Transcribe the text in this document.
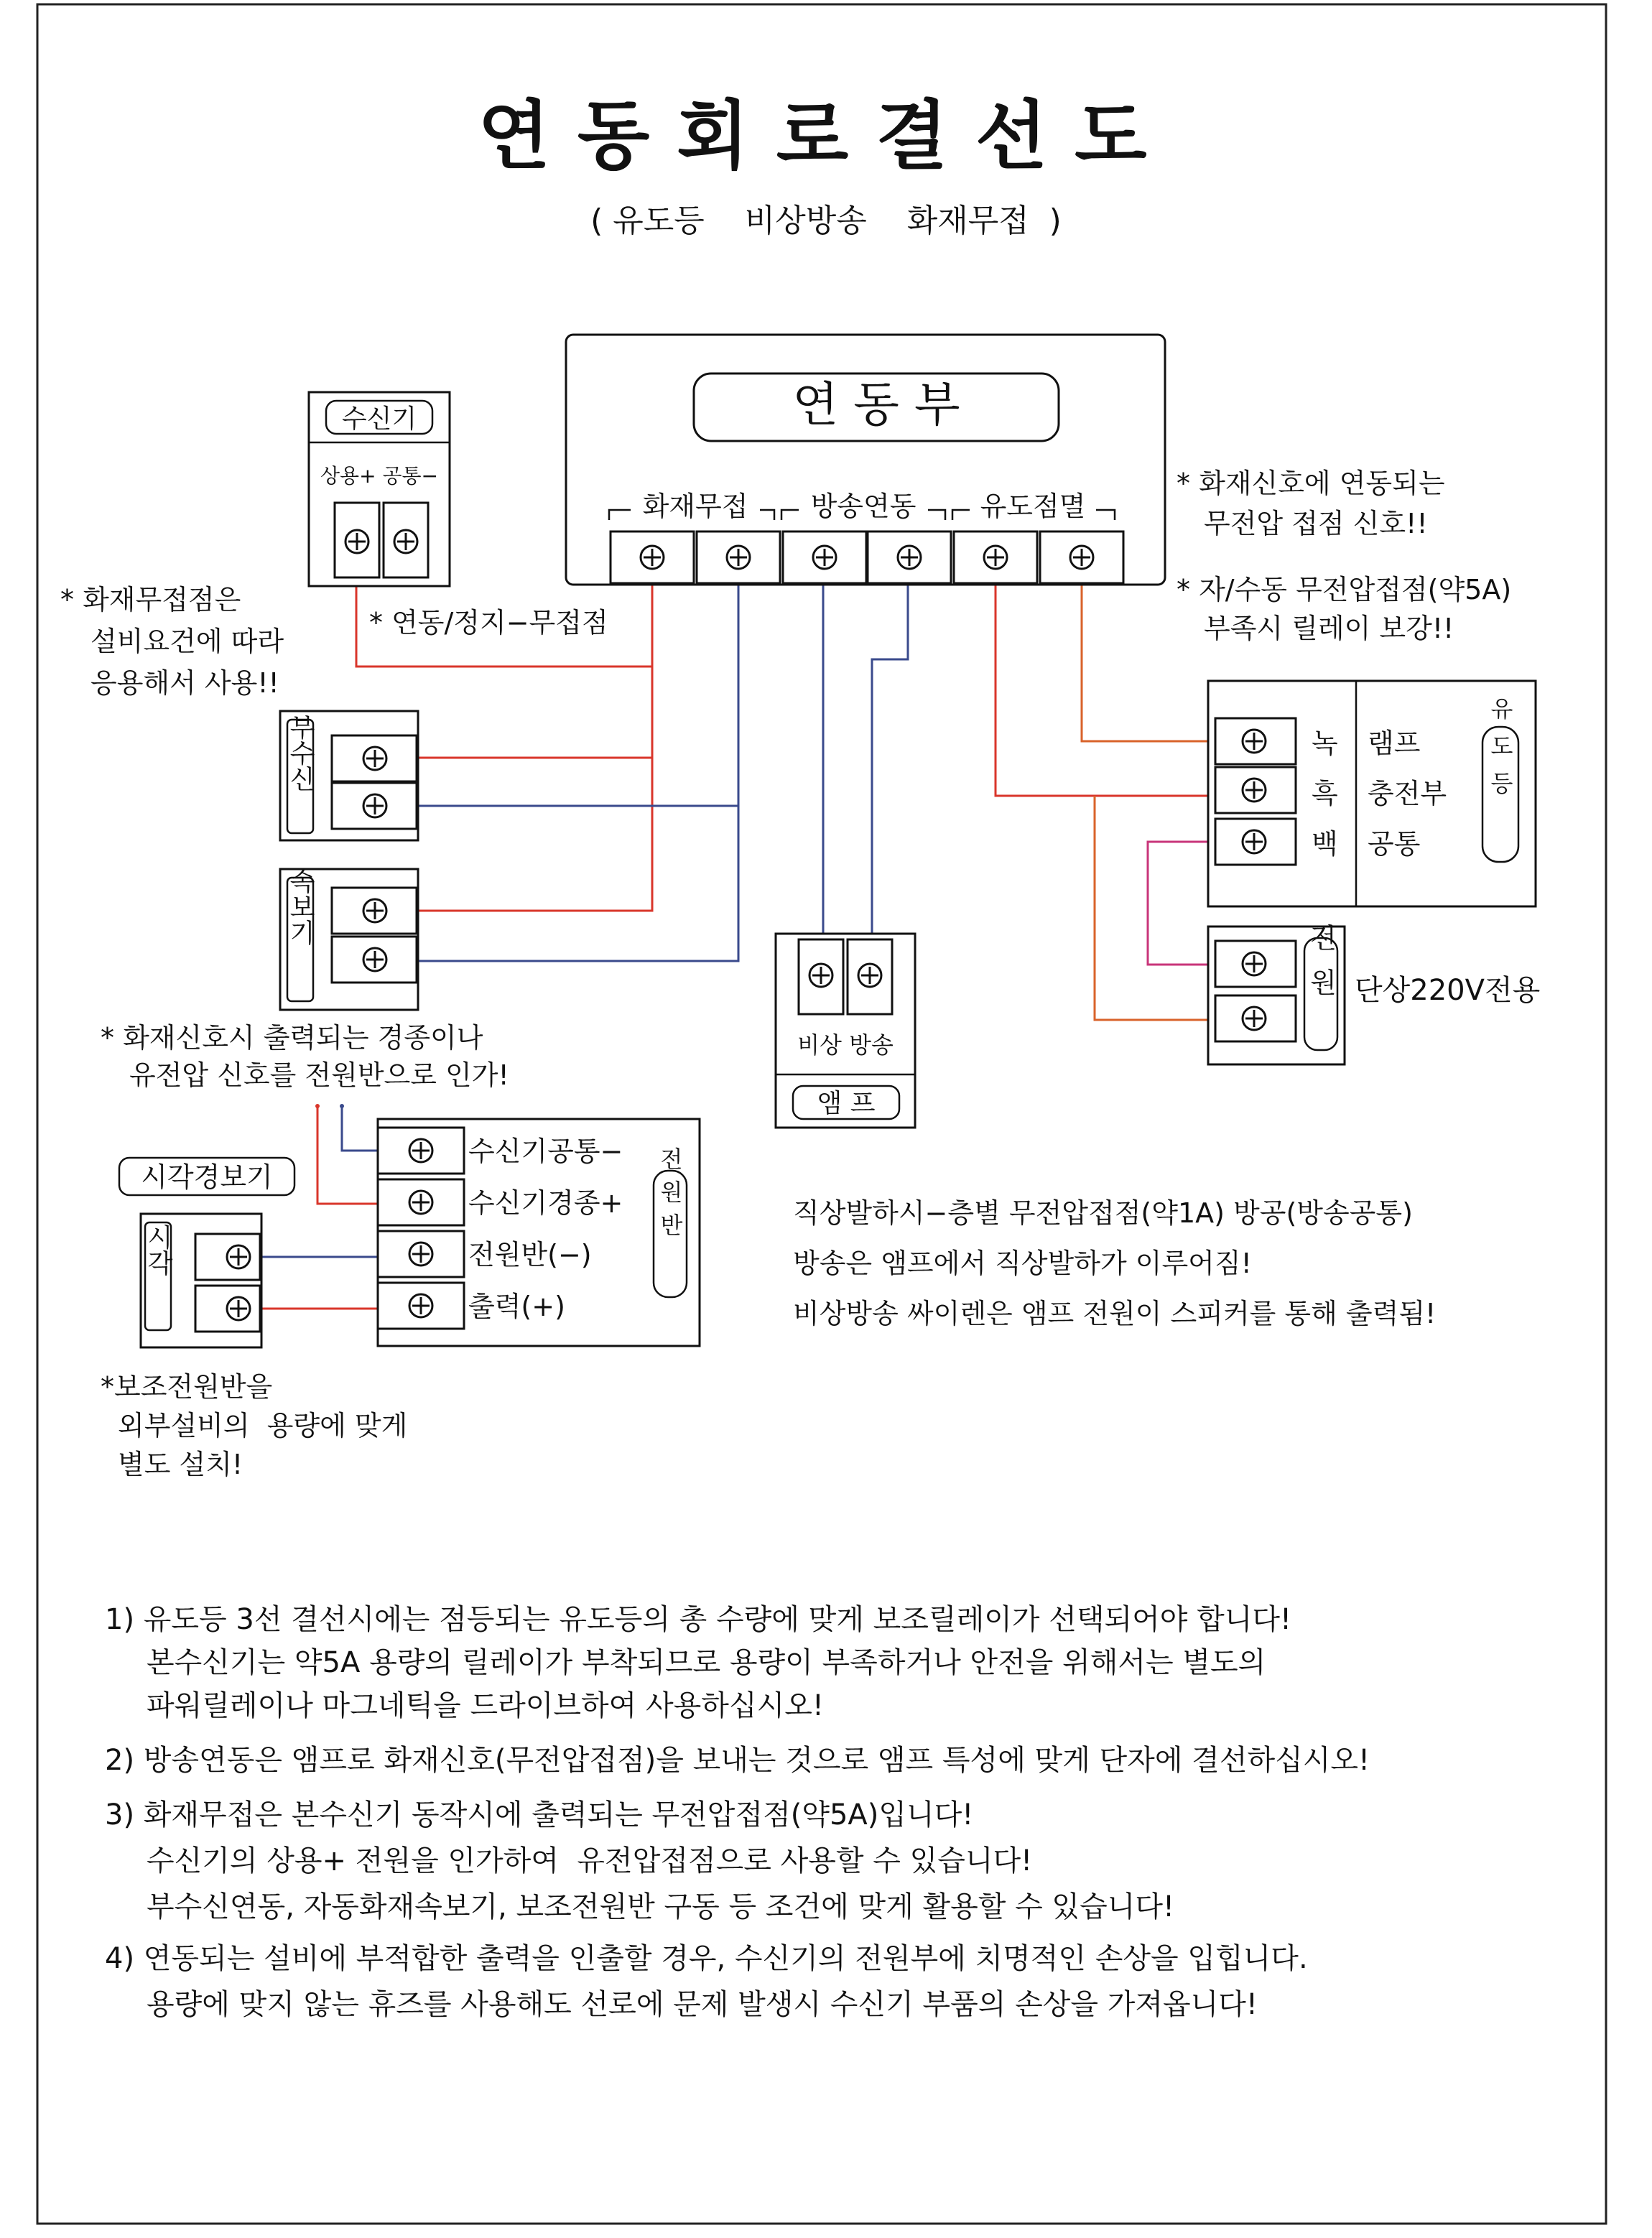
연동회로결선도
( 유도등    비상방송    화재무접  )
연 동 부
화재무접 방송연동 유도점멸
수신기
상용+ 공통−
* 화재무접점은
설비요건에 따라
응용해서 사용!!
* 연동/정지−무접점
부수신
속보기
* 화재신호시 출력되는 경종이나
유전압 신호를 전원반으로 인가!
시각경보기
시각
*보조전원반을
외부설비의  용량에 맞게
별도 설치!
수신기공통−
수신기경종+
전원반(−)
출력(+)
전원반
비상 방송
앰 프
* 화재신호에 연동되는
무전압 접점 신호!!
* 자/수동 무전압접점(약5A)
부족시 릴레이 보강!!
녹
흑
백
램프
충전부
공통
유도등
전원 단상220V전용
직상발하시−층별 무전압접점(약1A) 방공(방송공통)
방송은 앰프에서 직상발하가 이루어짐!
비상방송 싸이렌은 앰프 전원이 스피커를 통해 출력됨!
1) 유도등 3선 결선시에는 점등되는 유도등의 총 수량에 맞게 보조릴레이가 선택되어야 합니다!
본수신기는 약5A 용량의 릴레이가 부착되므로 용량이 부족하거나 안전을 위해서는 별도의
파워릴레이나 마그네틱을 드라이브하여 사용하십시오!
2) 방송연동은 앰프로 화재신호(무전압접점)을 보내는 것으로 앰프 특성에 맞게 단자에 결선하십시오!
3) 화재무접은 본수신기 동작시에 출력되는 무전압접점(약5A)입니다!
수신기의 상용+ 전원을 인가하여  유전압접점으로 사용할 수 있습니다!
부수신연동, 자동화재속보기, 보조전원반 구동 등 조건에 맞게 활용할 수 있습니다!
4) 연동되는 설비에 부적합한 출력을 인출할 경우, 수신기의 전원부에 치명적인 손상을 입힙니다.
용량에 맞지 않는 휴즈를 사용해도 선로에 문제 발생시 수신기 부품의 손상을 가져옵니다!
